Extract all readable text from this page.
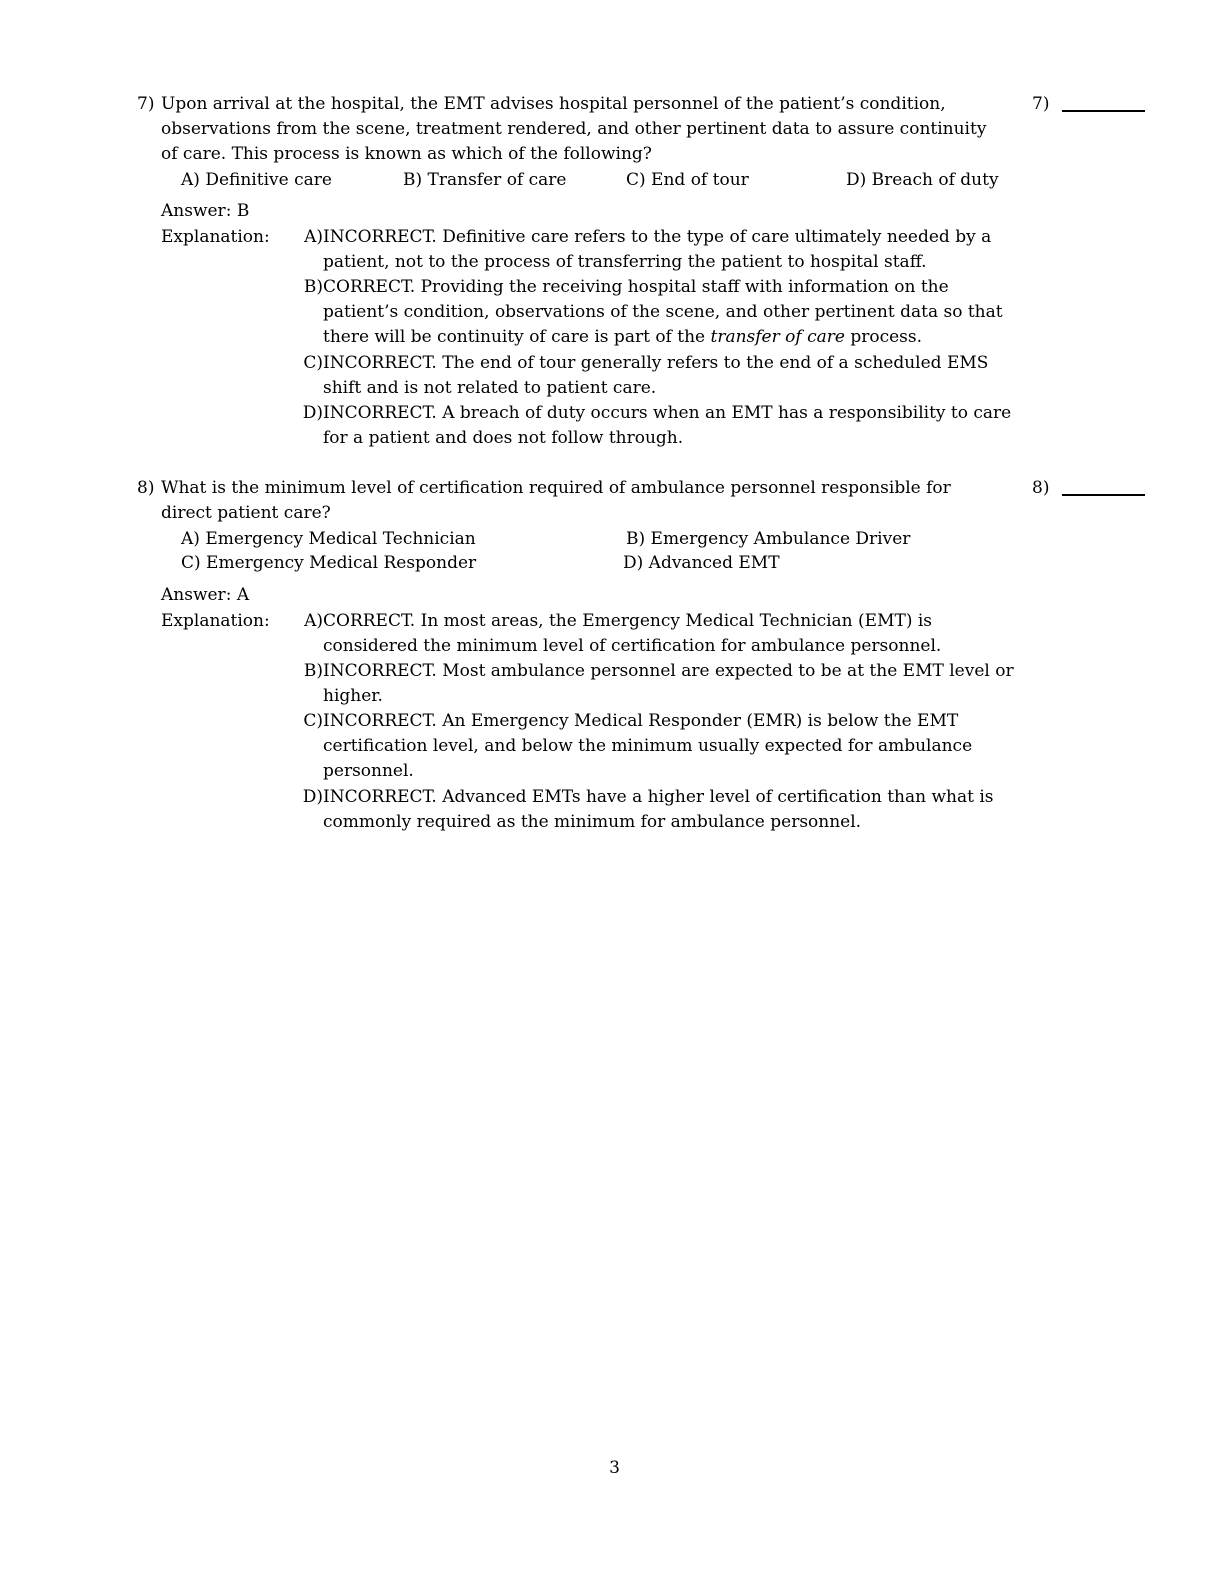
7) Upon arrival at the hospital, the EMT advises hospital personnel of the patient’s condition, observations from the scene, treatment rendered, and other pertinent data to assure continuity of care. This process is known as which of the following?
7)
A) Definitive care	B) Transfer of care	C) End of tour	D) Breach of duty
Answer: B
Explanation:	A) INCORRECT. Definitive care refers to the type of care ultimately needed by a patient, not to the process of transferring the patient to hospital staff.
B) CORRECT. Providing the receiving hospital staff with information on the patient’s condition, observations of the scene, and other pertinent data so that there will be continuity of care is part of the transfer of care process.
C) INCORRECT. The end of tour generally refers to the end of a scheduled EMS shift and is not related to patient care.
D) INCORRECT. A breach of duty occurs when an EMT has a responsibility to care for a patient and does not follow through.
8) What is the minimum level of certification required of ambulance personnel responsible for direct patient care?
8)
A) Emergency Medical Technician	B) Emergency Ambulance Driver
C) Emergency Medical Responder	D) Advanced EMT
Answer: A
Explanation:	A) CORRECT. In most areas, the Emergency Medical Technician (EMT) is considered the minimum level of certification for ambulance personnel.
B) INCORRECT. Most ambulance personnel are expected to be at the EMT level or higher.
C) INCORRECT. An Emergency Medical Responder (EMR) is below the EMT certification level, and below the minimum usually expected for ambulance personnel.
D) INCORRECT. Advanced EMTs have a higher level of certification than what is commonly required as the minimum for ambulance personnel.
3
